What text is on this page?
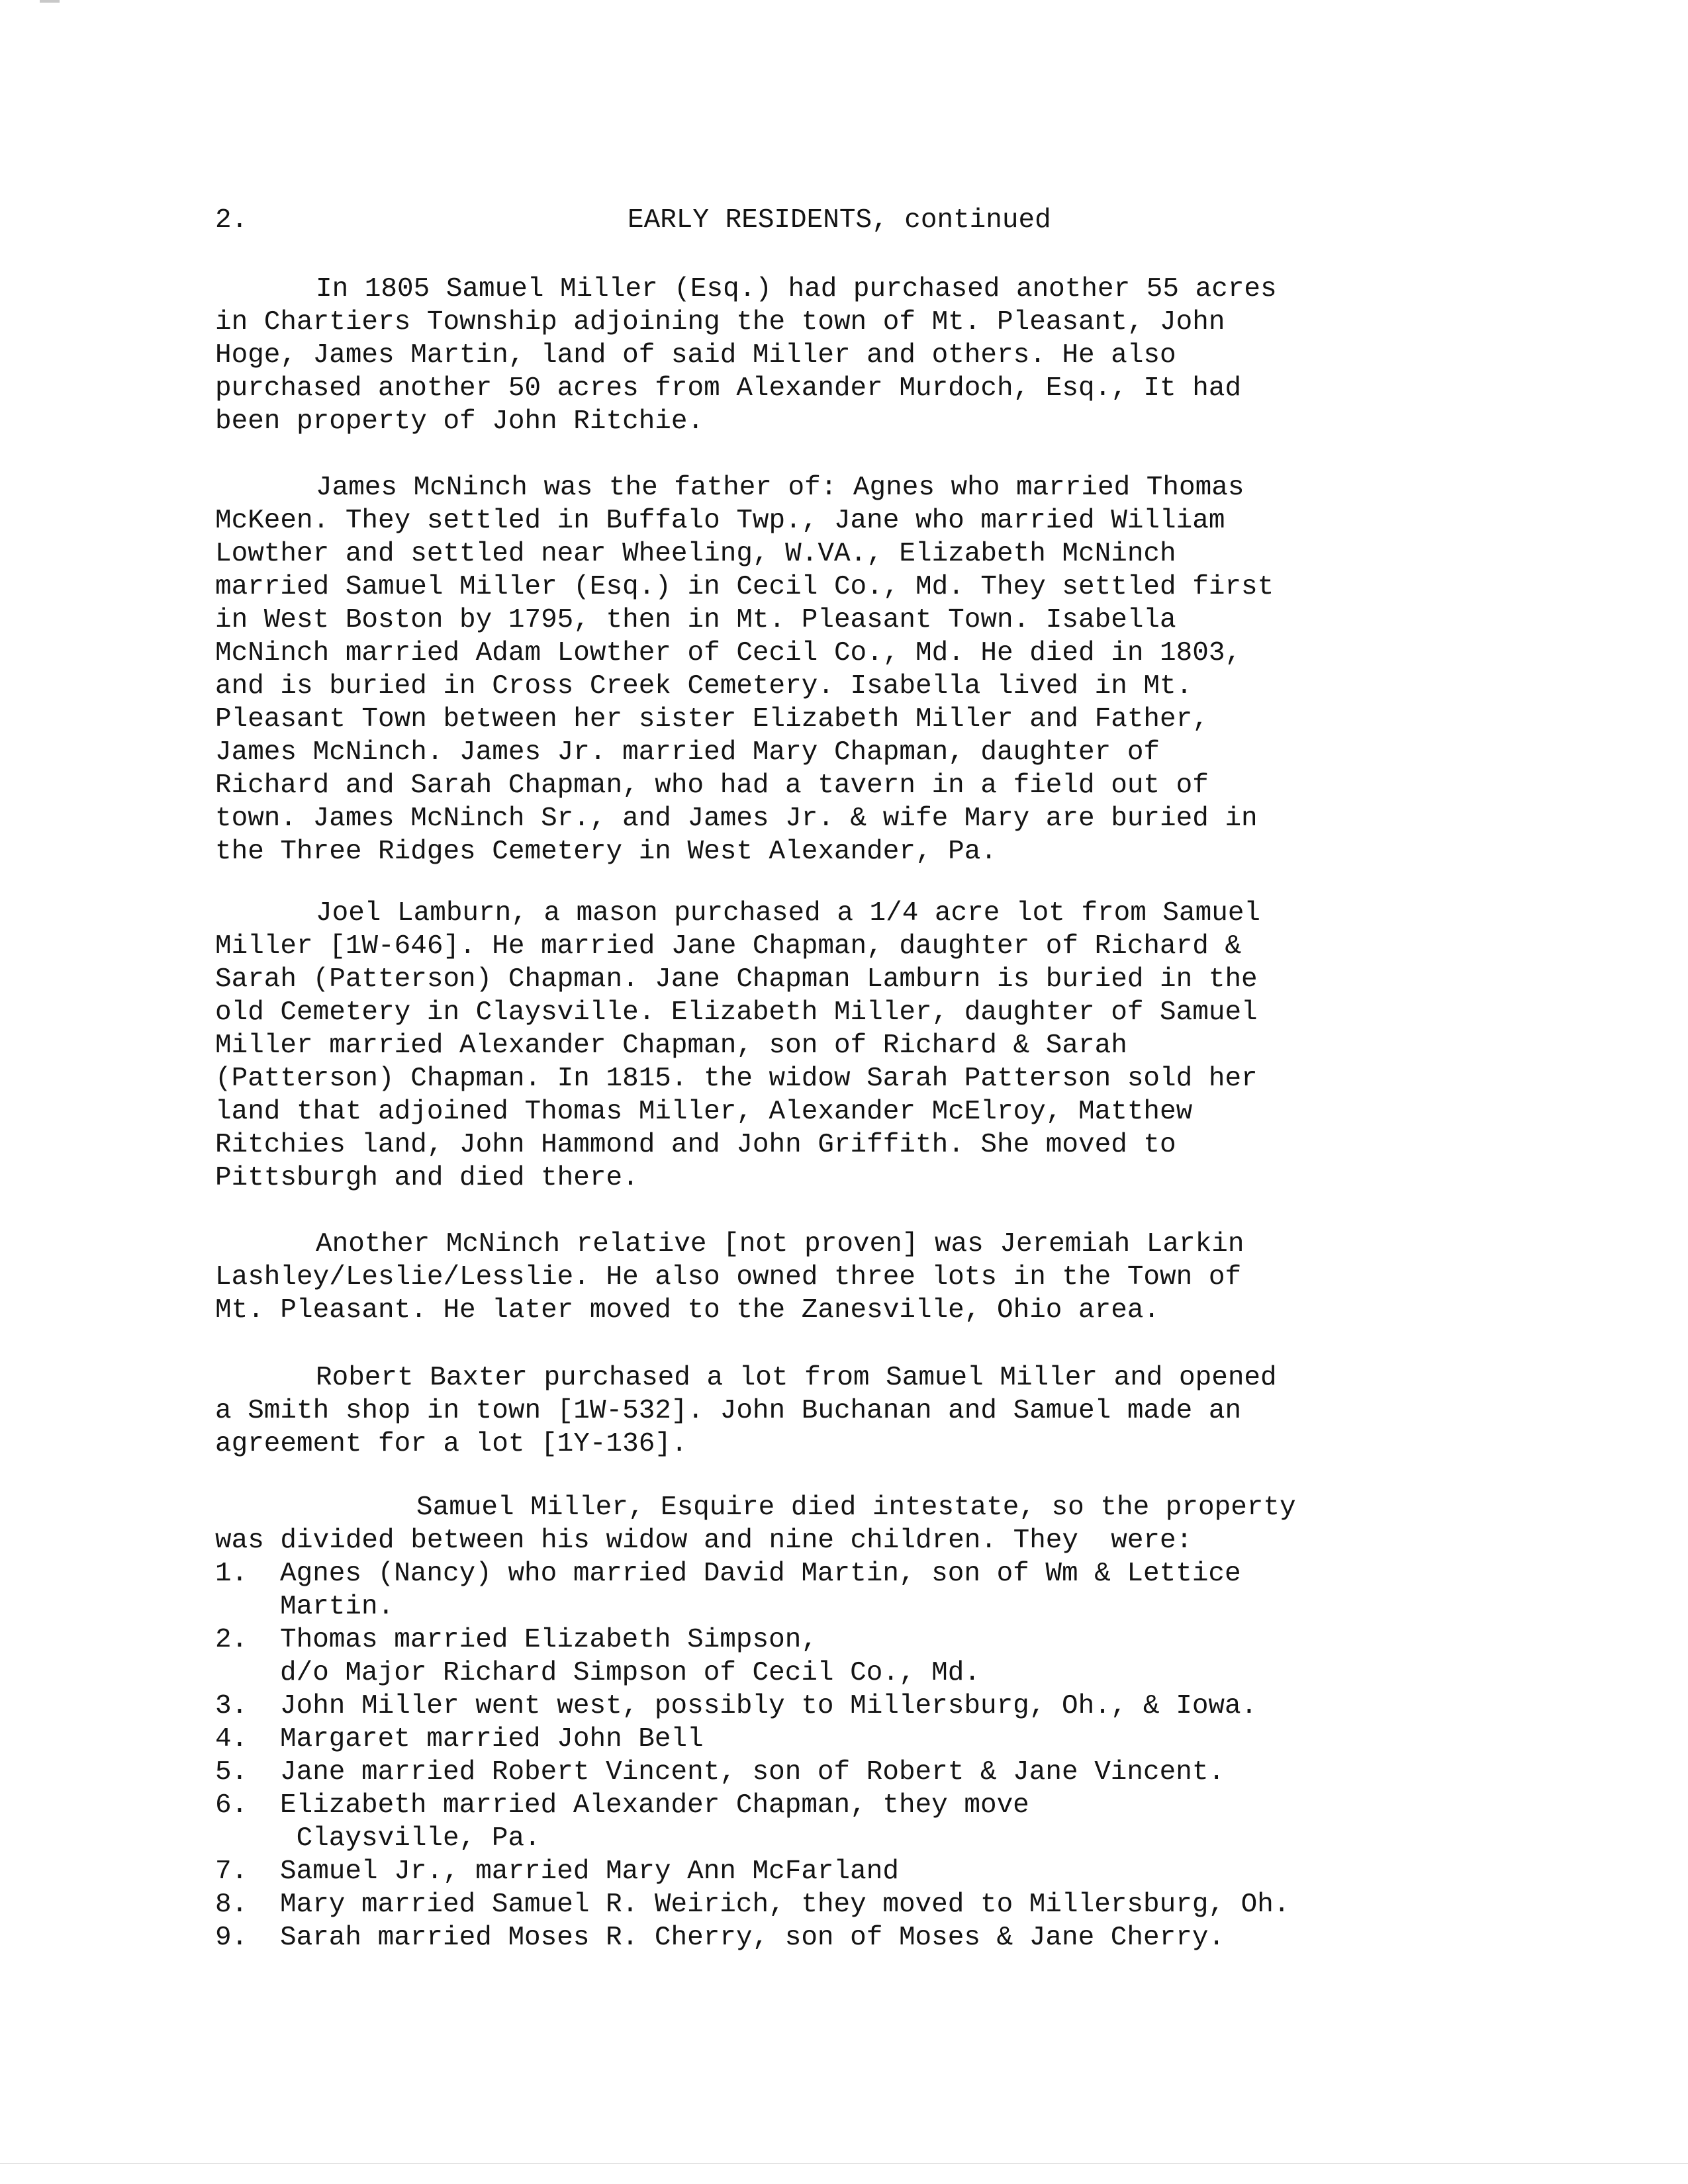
2.	EARLY RESIDENTS, continued
In 1805 Samuel Miller (Esq.) had purchased another 55 acres
in Chartiers Township adjoining the town of Mt. Pleasant, John
Hoge, James Martin, land of said Miller and others. He also
purchased another 50 acres from Alexander Murdoch, Esq., It had
been property of John Ritchie.
James McNinch was the father of: Agnes who married Thomas
McKeen. They settled in Buffalo Twp., Jane who married William
Lowther and settled near Wheeling, W.VA., Elizabeth McNinch
married Samuel Miller (Esq.) in Cecil Co., Md. They settled first
in West Boston by 1795, then in Mt. Pleasant Town. Isabella
McNinch married Adam Lowther of Cecil Co., Md. He died in 1803,
and is buried in Cross Creek Cemetery. Isabella lived in Mt.
Pleasant Town between her sister Elizabeth Miller and Father,
James McNinch. James Jr. married Mary Chapman, daughter of
Richard and Sarah Chapman, who had a tavern in a field out of
town. James McNinch Sr., and James Jr. & wife Mary are buried in
the Three Ridges Cemetery in West Alexander, Pa.
Joel Lamburn, a mason purchased a 1/4 acre lot from Samuel
Miller [1W-646]. He married Jane Chapman, daughter of Richard &
Sarah (Patterson) Chapman. Jane Chapman Lamburn is buried in the
old Cemetery in Claysville. Elizabeth Miller, daughter of Samuel
Miller married Alexander Chapman, son of Richard & Sarah
(Patterson) Chapman. In 1815. the widow Sarah Patterson sold her
land that adjoined Thomas Miller, Alexander McElroy, Matthew
Ritchies land, John Hammond and John Griffith. She moved to
Pittsburgh and died there.
Another McNinch relative [not proven] was Jeremiah Larkin
Lashley/Leslie/Lesslie. He also owned three lots in the Town of
Mt. Pleasant. He later moved to the Zanesville, Ohio area.
Robert Baxter purchased a lot from Samuel Miller and opened
a Smith shop in town [1W-532]. John Buchanan and Samuel made an
agreement for a lot [1Y-136].
Samuel Miller, Esquire died intestate, so the property
was divided between his widow and nine children. They  were:
1. Agnes (Nancy) who married David Martin, son of Wm & Lettice
Martin.
2. Thomas married Elizabeth Simpson,
d/o Major Richard Simpson of Cecil Co., Md.
3. John Miller went west, possibly to Millersburg, Oh., & Iowa.
4. Margaret married John Bell
5. Jane married Robert Vincent, son of Robert & Jane Vincent.
6. Elizabeth married Alexander Chapman, they move
Claysville, Pa.
7. Samuel Jr., married Mary Ann McFarland
8. Mary married Samuel R. Weirich, they moved to Millersburg, Oh.
9. Sarah married Moses R. Cherry, son of Moses & Jane Cherry.
